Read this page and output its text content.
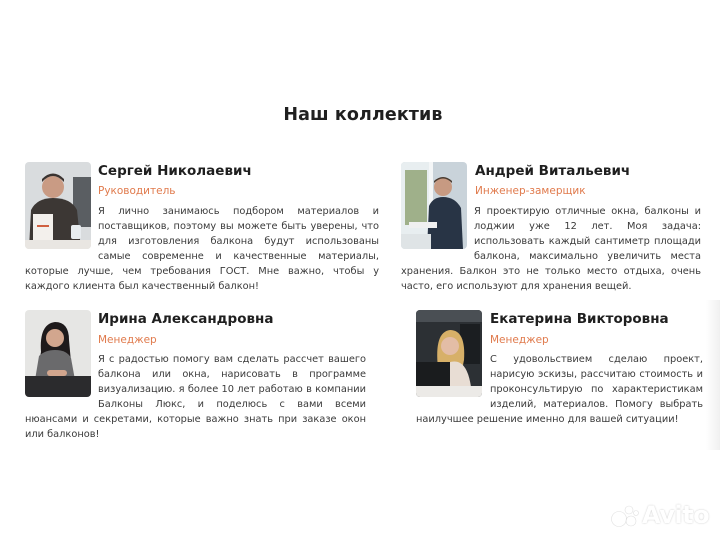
Наш коллектив
Сергей Николаевич
Руководитель

Я лично занимаюсь подбором материалов и поставщиков, поэтому вы можете быть уверены, что для изготовления балкона будут использованы самые современне и качественные материалы, которые лучше, чем требования ГОСТ. Мне важно, чтобы у каждого клиента был качественный балкон!

Андрей Витальевич
Инженер-замерщик

Я проектирую отличные окна, балконы и лоджии уже 12 лет. Моя задача: использовать каждый сантиметр площади балкона, максимально увеличить места хранения. Балкон это не только место отдыха, очень часто, его используют для хранения вещей.

Ирина Александровна
Менеджер

Я с радостью помогу вам сделать рассчет вашего балкона или окна, нарисовать в программе визуализацию. я более 10 лет работаю в компании Балконы Люкс, и поделюсь с вами всеми нюансами и секретами, которые важно знать при заказе окон или балконов!

Екатерина Викторовна
Менеджер

С удовольствием сделаю проект, нарисую эскизы, рассчитаю стоимость и проконсультирую по характеристикам изделий, материалов. Помогу выбрать наилучшее решение именно для вашей ситуации!

Avito
